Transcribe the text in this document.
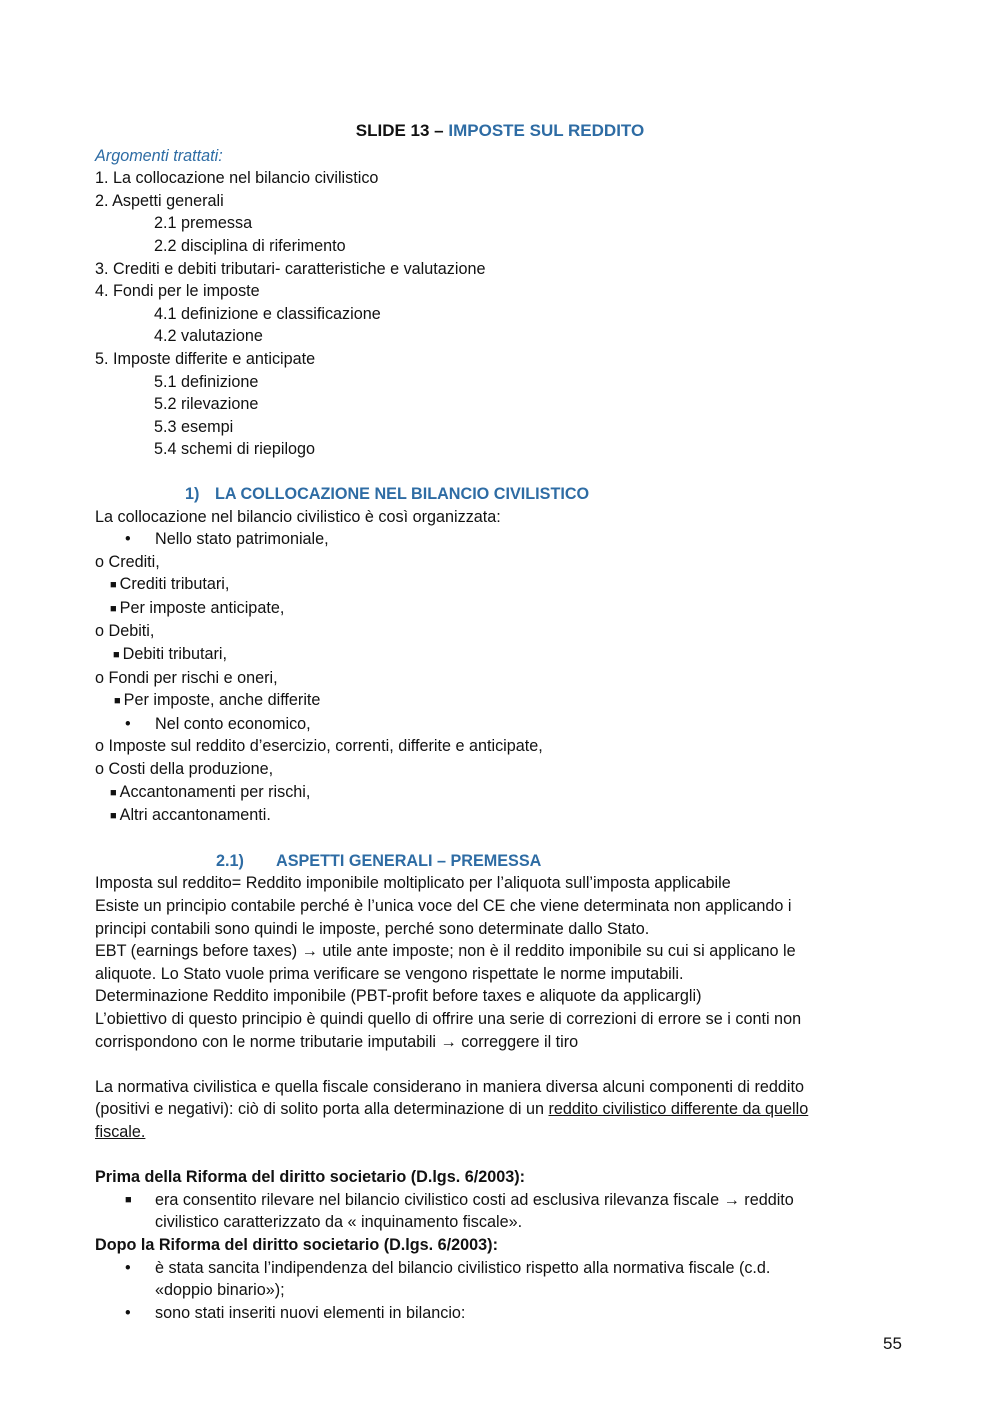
SLIDE 13 – IMPOSTE SUL REDDITO
Argomenti trattati:
1. La collocazione nel bilancio civilistico
2. Aspetti generali
2.1 premessa
2.2 disciplina di riferimento
3. Crediti e debiti tributari- caratteristiche e valutazione
4. Fondi per le imposte
4.1 definizione e classificazione
4.2 valutazione
5. Imposte differite e anticipate
5.1 definizione
5.2 rilevazione
5.3 esempi
5.4 schemi di riepilogo
1) LA COLLOCAZIONE NEL BILANCIO CIVILISTICO
La collocazione nel bilancio civilistico è così organizzata:
• Nello stato patrimoniale,
o Crediti,
■ Crediti tributari,
■ Per imposte anticipate,
o Debiti,
■ Debiti tributari,
o Fondi per rischi e oneri,
■ Per imposte, anche differite
• Nel conto economico,
o Imposte sul reddito d’esercizio, correnti, differite e anticipate,
o Costi della produzione,
■ Accantonamenti per rischi,
■ Altri accantonamenti.
2.1) ASPETTI GENERALI – PREMESSA
Imposta sul reddito= Reddito imponibile moltiplicato per l’aliquota sull’imposta applicabile
Esiste un principio contabile perché è l’unica voce del CE che viene determinata non applicando i
principi contabili sono quindi le imposte, perché sono determinate dallo Stato.
EBT (earnings before taxes) → utile ante imposte; non è il reddito imponibile su cui si applicano le
aliquote. Lo Stato vuole prima verificare se vengono rispettate le norme imputabili.
Determinazione Reddito imponibile (PBT-profit before taxes e aliquote da applicargli)
L’obiettivo di questo principio è quindi quello di offrire una serie di correzioni di errore se i conti non
corrispondono con le norme tributarie imputabili → correggere il tiro
La normativa civilistica e quella fiscale considerano in maniera diversa alcuni componenti di reddito
(positivi e negativi): ciò di solito porta alla determinazione di un reddito civilistico differente da quello
fiscale.
Prima della Riforma del diritto societario (D.lgs. 6/2003):
■ era consentito rilevare nel bilancio civilistico costi ad esclusiva rilevanza fiscale → reddito
civilistico caratterizzato da « inquinamento fiscale».
Dopo la Riforma del diritto societario (D.lgs. 6/2003):
• è stata sancita l’indipendenza del bilancio civilistico rispetto alla normativa fiscale (c.d.
«doppio binario»);
• sono stati inseriti nuovi elementi in bilancio:
55
